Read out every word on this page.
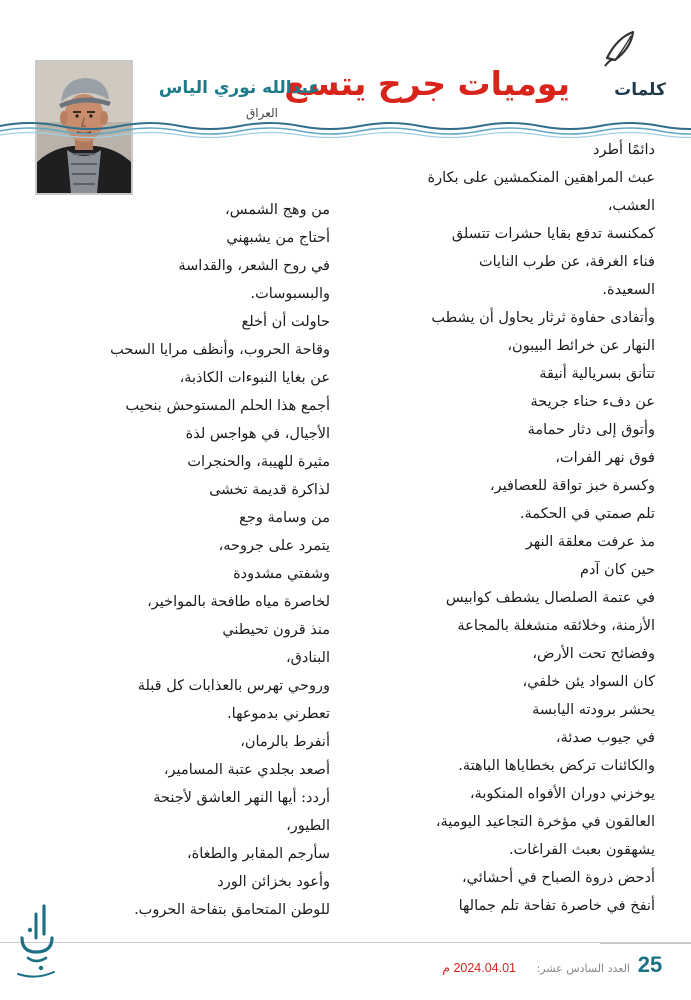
كلمات
يوميات جرح يتسع
عبدالله نوري الياس
العراق
دائمًا أطرد
عبث المراهقين المنكمشين على بكارة
العشب،
كمكنسة تدفع بقايا حشرات تتسلق
فناء الغرفة، عن طرب النايات
السعيدة.
وأتفادى حفاوة ثرثار يحاول أن يشطب
النهار عن خرائط البيبون،
تتأنق بسريالية أنيقة
عن دفء حناء جريحة
وأتوق إلى دثار حمامة
فوق نهر الفرات،
وكسرة خبز تواقة للعصافير،
تلم صمتي في الحكمة.
مذ عرفت معلقة النهر
حين كان آدم
في عتمة الصلصال يشطف كوابيس
الأزمنة، وخلائقه منشغلة بالمجاعة
وفضائح تحت الأرض،
كان السواد يئن خلفي،
يحشر برودته اليابسة
في جيوب صدئة،
والكائنات تركض بخطاياها الباهتة.
يوخزني دوران الأفواه المنكوبة،
العالقون في مؤخرة التجاعيد اليومية،
يشهقون بعبث الفراغات.
أدحض ذروة الصباح في أحشائي،
أنفخ في خاصرة تفاحة تلم جمالها
من وهج الشمس،
أحتاج من يشبهني
في روح الشعر، والقداسة
والبسبوسات.
حاولت أن أخلع
وقاحة الحروب، وأنظف مرايا السحب
عن بغايا النبوءات الكاذبة،
أجمع هذا الحلم المستوحش بنحيب
الأجيال، في هواجس لذة
مثيرة للهيبة، والحنجرات
لذاكرة قديمة تخشى
من وسامة وجع
يتمرد على جروحه،
وشفتي مشدودة
لخاصرة مياه طافحة بالمواخير،
منذ قرون تحيطني
البنادق،
وروحي تهرس بالعذابات كل قبلة
تعطرني بدموعها.
أنفرط بالرمان،
أصعد بجلدي عتبة المسامير،
أردد: أيها النهر العاشق لأجنحة
الطيور،
سأرجم المقابر والطغاة،
وأعود بخزائن الورد
للوطن المتحامق بتفاحة الحروب.
25
العدد السادس عشر:
2024.04.01 م
